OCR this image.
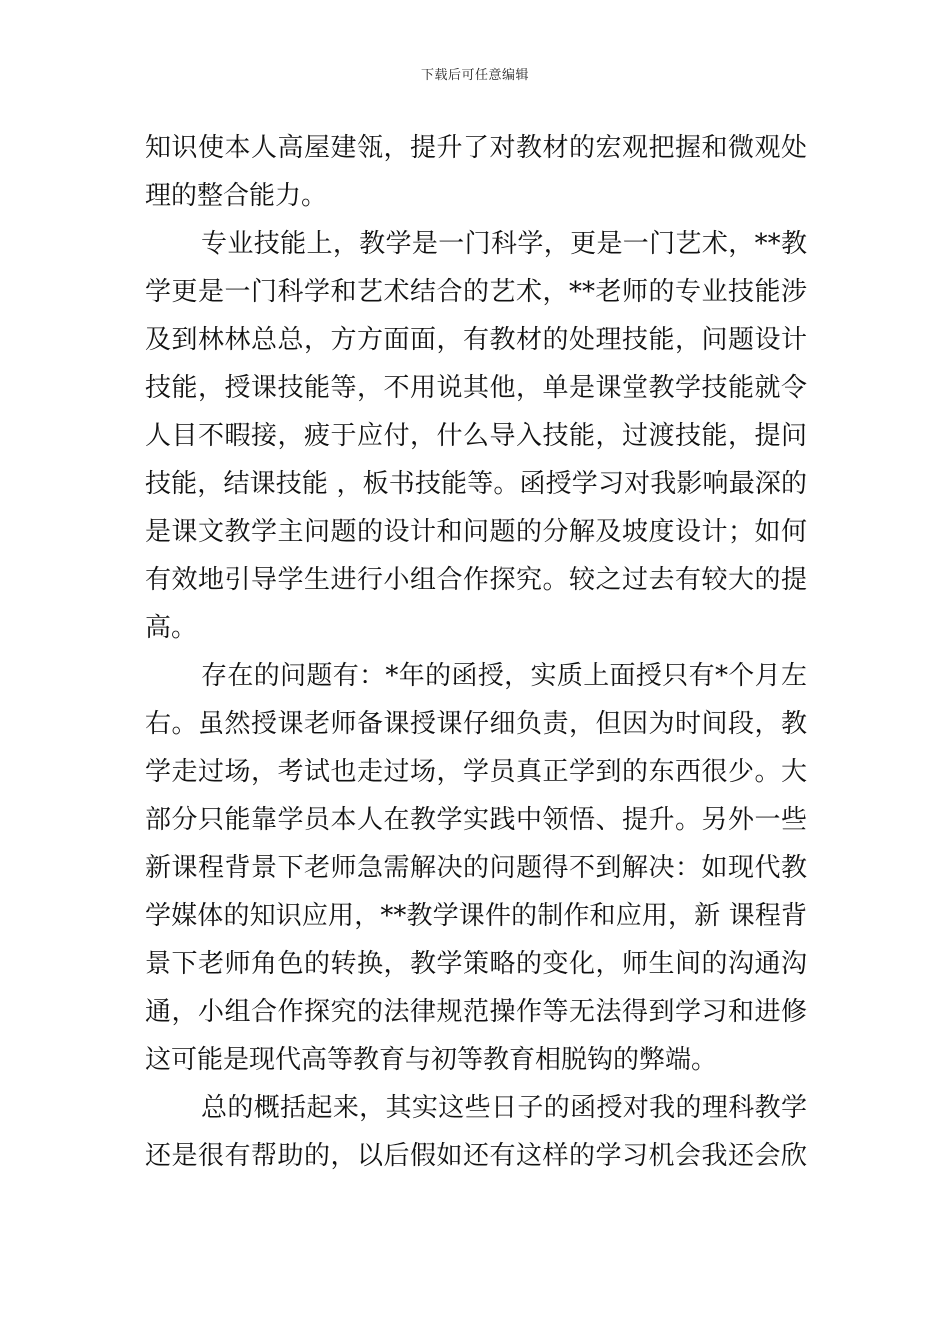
下载后可任意编辑
知识使本人高屋建瓴，提升了对教材的宏观把握和微观处
理的整合能力。
专业技能上，教学是一门科学，更是一门艺术，**教
学更是一门科学和艺术结合的艺术，**老师的专业技能涉
及到林林总总，方方面面，有教材的处理技能，问题设计
技能，授课技能等，不用说其他，单是课堂教学技能就令
人目不暇接，疲于应付，什么导入技能，过渡技能，提问
技能，结课技能 ，板书技能等。函授学习对我影响最深的
是课文教学主问题的设计和问题的分解及坡度设计；如何
有效地引导学生进行小组合作探究。较之过去有较大的提
高。
存在的问题有：*年的函授，实质上面授只有*个月左
右。虽然授课老师备课授课仔细负责，但因为时间段，教
学走过场，考试也走过场，学员真正学到的东西很少。大
部分只能靠学员本人在教学实践中领悟、提升。另外一些
新课程背景下老师急需解决的问题得不到解决：如现代教
学媒体的知识应用，**教学课件的制作和应用，新 课程背
景下老师角色的转换，教学策略的变化，师生间的沟通沟
通，小组合作探究的法律规范操作等无法得到学习和进修
这可能是现代高等教育与初等教育相脱钩的弊端。
总的概括起来，其实这些日子的函授对我的理科教学
还是很有帮助的，以后假如还有这样的学习机会我还会欣
